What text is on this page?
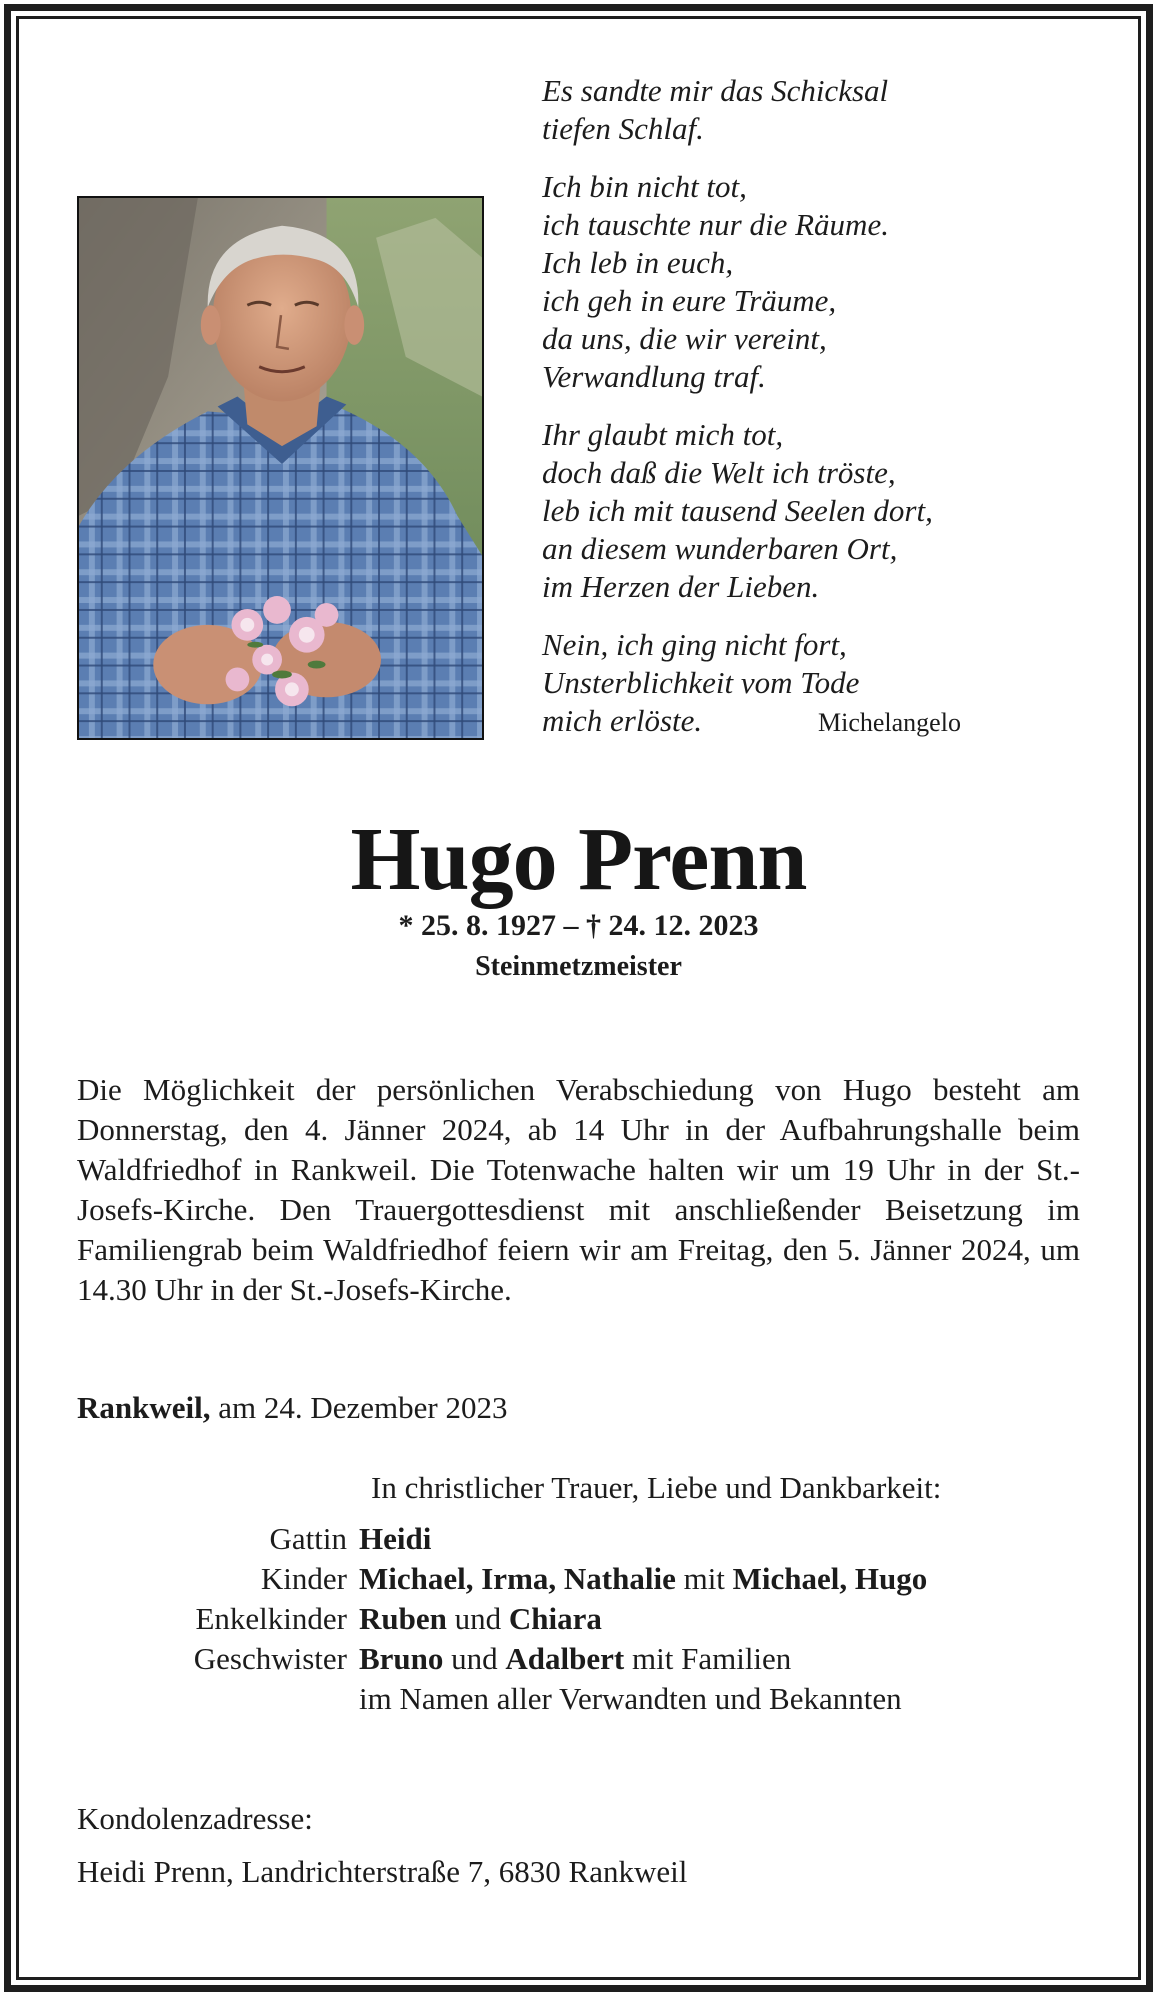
Es sandte mir das Schicksal
tiefen Schlaf.
Ich bin nicht tot,
ich tauschte nur die Räume.
Ich leb in euch,
ich geh in eure Träume,
da uns, die wir vereint,
Verwandlung traf.
Ihr glaubt mich tot,
doch daß die Welt ich tröste,
leb ich mit tausend Seelen dort,
an diesem wunderbaren Ort,
im Herzen der Lieben.
Nein, ich ging nicht fort,
Unsterblichkeit vom Tode
mich erlöste.	Michelangelo
Hugo Prenn
* 25. 8. 1927 – † 24. 12. 2023
Steinmetzmeister

Die Möglichkeit der persönlichen Verabschiedung von Hugo besteht am Donnerstag, den 4. Jänner 2024, ab 14 Uhr in der Aufbahrungshalle beim Waldfriedhof in Rankweil. Die Totenwache halten wir um 19 Uhr in der St.-Josefs-Kirche. Den Trauergottesdienst mit anschließender Beisetzung im Familiengrab beim Waldfriedhof feiern wir am Freitag, den 5. Jänner 2024, um 14.30 Uhr in der St.-Josefs-Kirche.

Rankweil, am 24. Dezember 2023
In christlicher Trauer, Liebe und Dankbarkeit:
Gattin Heidi
Kinder Michael, Irma, Nathalie mit Michael, Hugo
Enkelkinder Ruben und Chiara
Geschwister Bruno und Adalbert mit Familien
im Namen aller Verwandten und Bekannten
Kondolenzadresse:
Heidi Prenn, Landrichterstraße 7, 6830 Rankweil
